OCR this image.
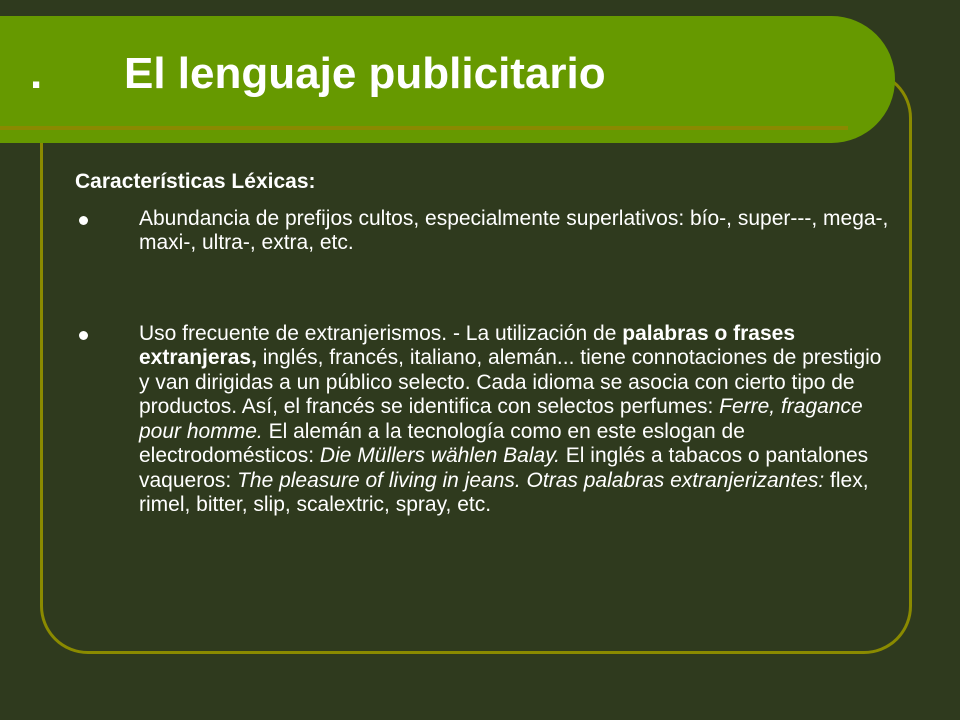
. El lenguaje publicitario
Características Léxicas:
Abundancia de prefijos cultos, especialmente superlativos: bío-, super---, mega-, maxi-, ultra-, extra, etc.
Uso frecuente de extranjerismos. - La utilización de palabras o frases extranjeras, inglés, francés, italiano, alemán... tiene connotaciones de prestigio y van dirigidas a un público selecto. Cada idioma se asocia con cierto tipo de productos. Así, el francés se identifica con selectos perfumes: Ferre, fragance pour homme. El alemán a la tecnología como en este eslogan de electrodomésticos: Die Müllers wählen Balay. El inglés a tabacos o pantalones vaqueros: The pleasure of living in jeans. Otras palabras extranjerizantes: flex, rimel, bitter, slip, scalextric, spray, etc.
